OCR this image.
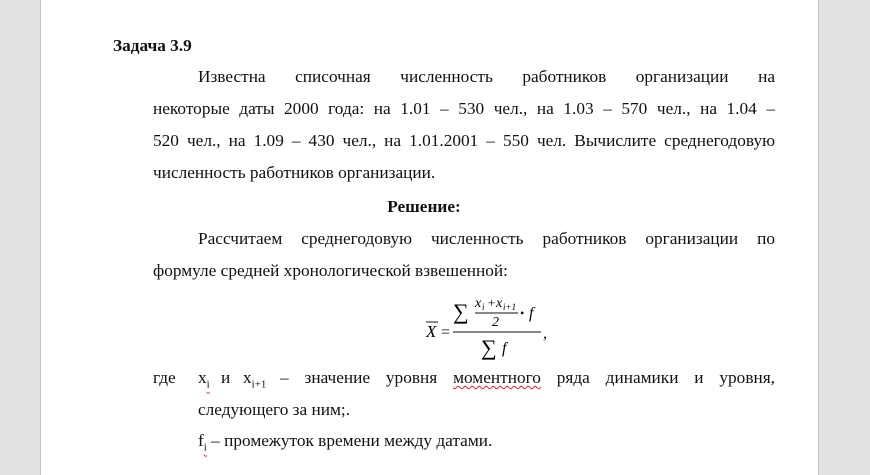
Задача 3.9
Известна списочная численность работников организации на
некоторые даты 2000 года: на 1.01 – 530 чел., на 1.03 – 570 чел., на 1.04 –
520 чел., на 1.09 – 430 чел., на 1.01.2001 – 550 чел. Вычислите среднегодовую
численность работников организации.
Решение:
Рассчитаем среднегодовую численность работников организации по
формуле средней хронологической взвешенной:
X =
∑ x i + x i+1
2
• f
∑ f
,
где $x_i$ и $x_{i+1}$ – значение уровня моментного ряда динамики и уровня,
следующего за ним;.
$f_i$ – промежуток времени между датами.
